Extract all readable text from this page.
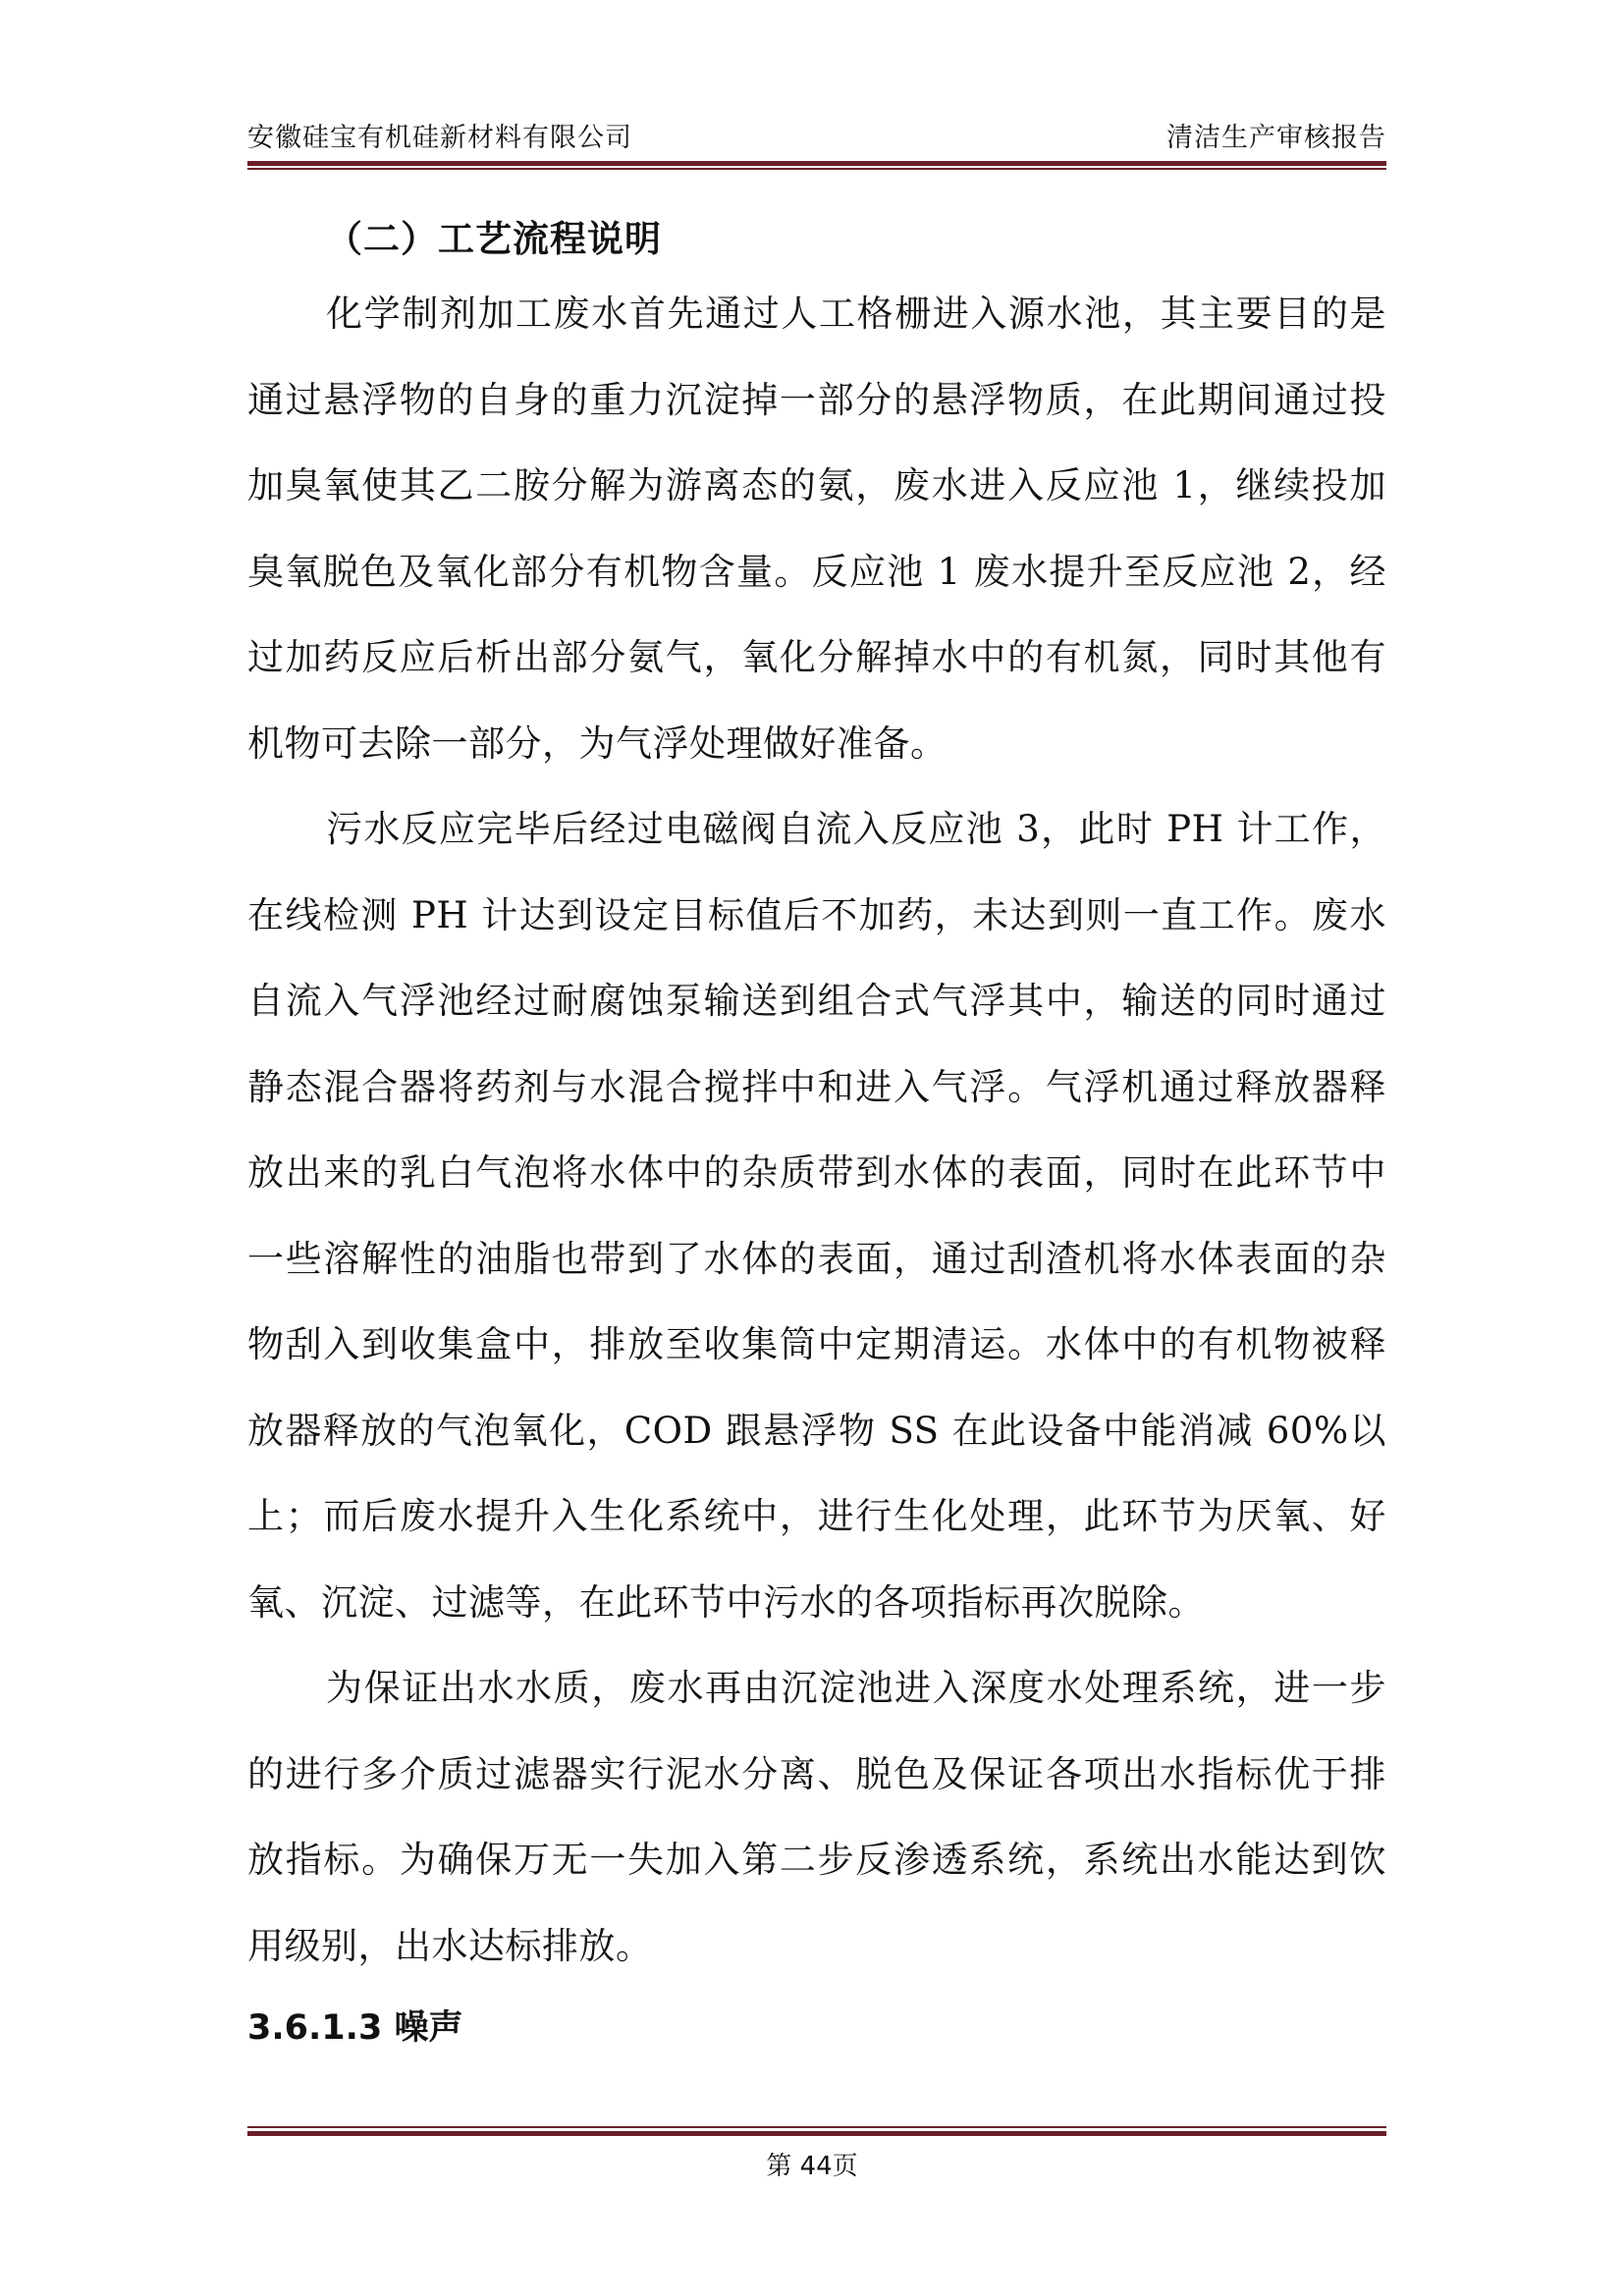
安徽硅宝有机硅新材料有限公司	清洁生产审核报告
（二）工艺流程说明

化学制剂加工废水首先通过人工格栅进入源水池，其主要目的是通过悬浮物的自身的重力沉淀掉一部分的悬浮物质，在此期间通过投加臭氧使其乙二胺分解为游离态的氨，废水进入反应池 1，继续投加臭氧脱色及氧化部分有机物含量。反应池 1 废水提升至反应池 2，经过加药反应后析出部分氨气，氧化分解掉水中的有机氮，同时其他有机物可去除一部分，为气浮处理做好准备。

污水反应完毕后经过电磁阀自流入反应池 3，此时 PH 计工作，在线检测 PH 计达到设定目标值后不加药，未达到则一直工作。废水自流入气浮池经过耐腐蚀泵输送到组合式气浮其中，输送的同时通过静态混合器将药剂与水混合搅拌中和进入气浮。气浮机通过释放器释放出来的乳白气泡将水体中的杂质带到水体的表面，同时在此环节中一些溶解性的油脂也带到了水体的表面，通过刮渣机将水体表面的杂物刮入到收集盒中，排放至收集筒中定期清运。水体中的有机物被释放器释放的气泡氧化，COD 跟悬浮物 SS 在此设备中能消减 60%以上；而后废水提升入生化系统中，进行生化处理，此环节为厌氧、好氧、沉淀、过滤等，在此环节中污水的各项指标再次脱除。

为保证出水水质，废水再由沉淀池进入深度水处理系统，进一步的进行多介质过滤器实行泥水分离、脱色及保证各项出水指标优于排放指标。为确保万无一失加入第二步反渗透系统，系统出水能达到饮用级别，出水达标排放。

3.6.1.3 噪声
第 44页
